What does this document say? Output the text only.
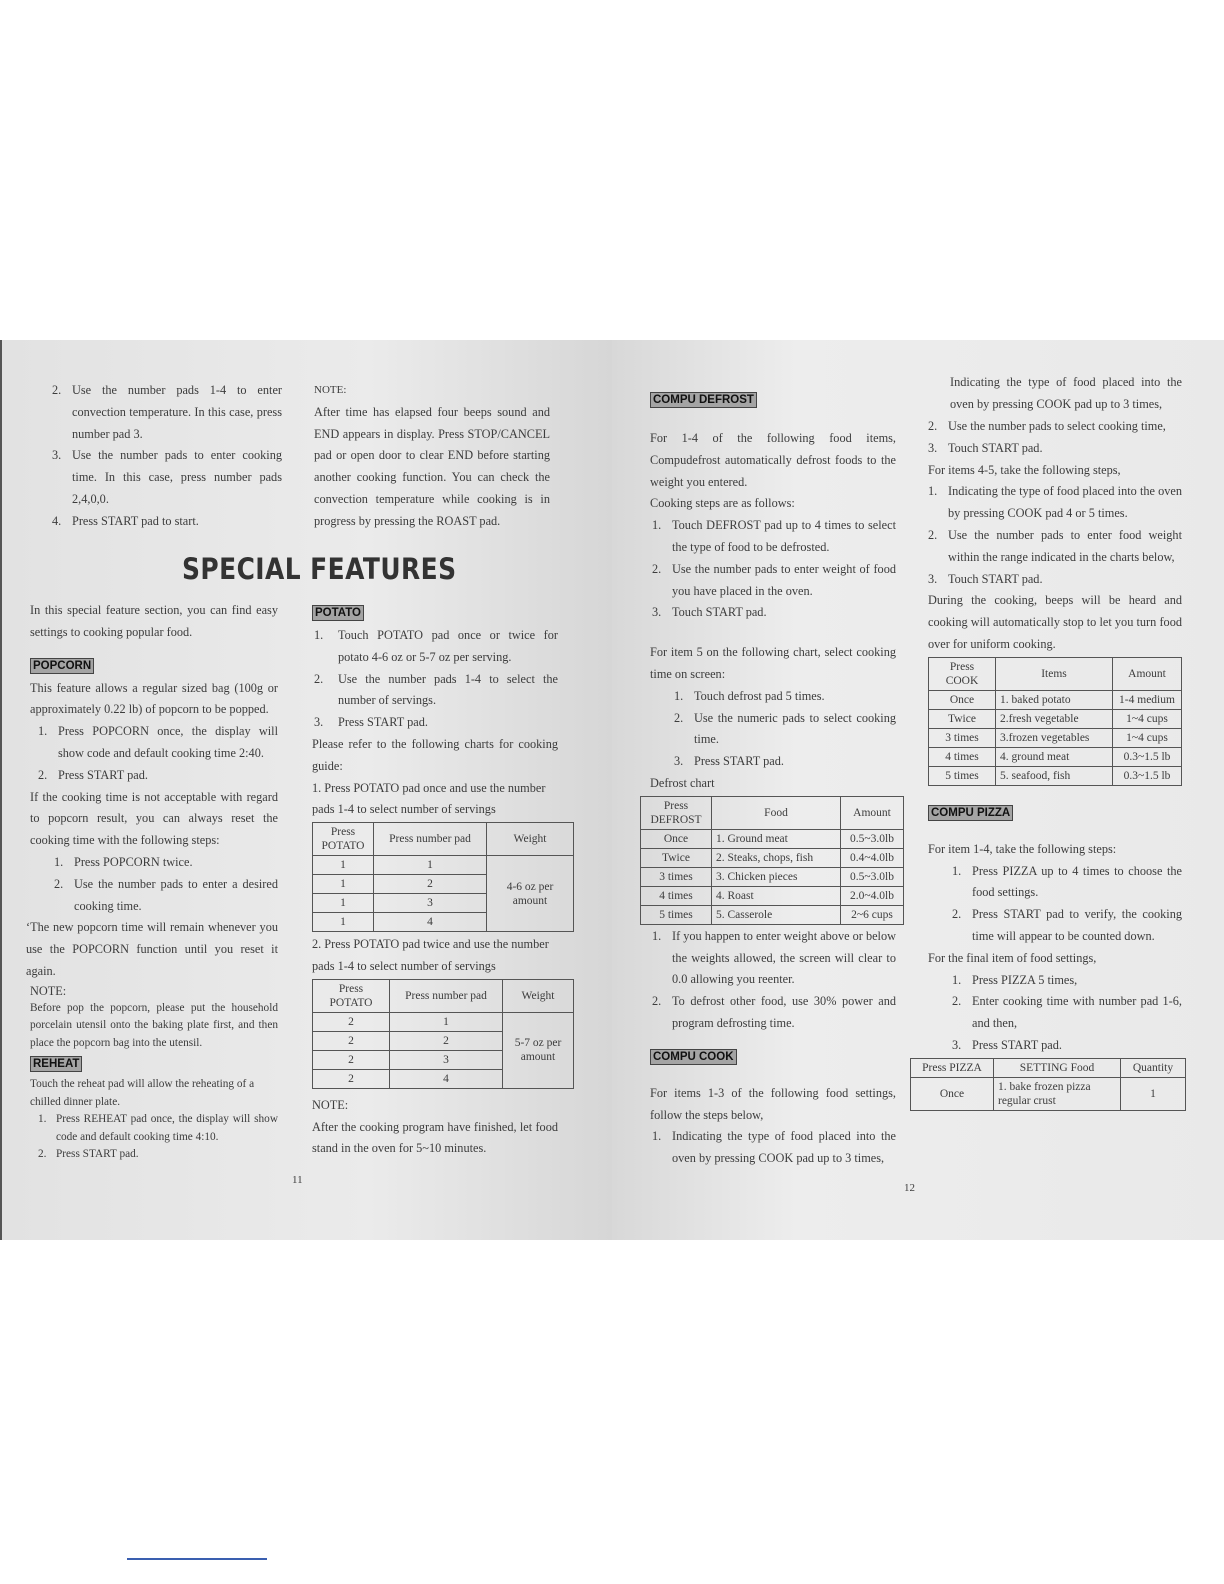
2. Use the number pads 1-4 to enter convection temperature. In this case, press number pad 3.
3. Use the number pads to enter cooking time. In this case, press number pads 2,4,0,0.
4. Press START pad to start.

NOTE:

After time has elapsed four beeps sound and END appears in display. Press STOP/CANCEL pad or open door to clear END before starting another cooking function. You can check the convection temperature while cooking is in progress by pressing the ROAST pad.

SPECIAL FEATURES

In this special feature section, you can find easy settings to cooking popular food.

POPCORN

This feature allows a regular sized bag (100g or approximately 0.22 lb) of popcorn to be popped.

1. Press POPCORN once, the display will show code and default cooking time 2:40.
2. Press START pad.

If the cooking time is not acceptable with regard to popcorn result, you can always reset the cooking time with the following steps:

1. Press POPCORN twice.
2. Use the number pads to enter a desired cooking time.

‘The new popcorn time will remain whenever you use the POPCORN function until you reset it again.

NOTE:

Before pop the popcorn, please put the household porcelain utensil onto the baking plate first, and then place the popcorn bag into the utensil.

REHEAT

Touch the reheat pad will allow the reheating of a chilled dinner plate.

1. Press REHEAT pad once, the display will show code and default cooking time 4:10.
2. Press START pad.
POTATO
1. Touch POTATO pad once or twice for potato 4-6 oz or 5-7 oz per serving.
2. Use the number pads 1-4 to select the number of servings.
3. Press START pad.

Please refer to the following charts for cooking guide:

1. Press POTATO pad once and use the number pads 1-4 to select number of servings

Press POTATO	Press number pad	Weight
1	1	4-6 oz per amount
1	2	
1	3	
1	4	

2. Press POTATO pad twice and use the number pads 1-4 to select number of servings

Press POTATO	Press number pad	Weight
2	1	5-7 oz per amount
2	2	
2	3	
2	4	

NOTE:

After the cooking program have finished, let food stand in the oven for 5~10 minutes.

11
COMPU DEFROST

For 1-4 of the following food items, Compudefrost automatically defrost foods to the weight you entered.

Cooking steps are as follows:

1. Touch DEFROST pad up to 4 times to select the type of food to be defrosted.
2. Use the number pads to enter weight of food you have placed in the oven.
3. Touch START pad.

For item 5 on the following chart, select cooking time on screen:

1. Touch defrost pad 5 times.
2. Use the numeric pads to select cooking time.
3. Press START pad.

Defrost chart

Press DEFROST	Food	Amount
Once	1. Ground meat	0.5~3.0lb
Twice	2. Steaks, chops, fish	0.4~4.0lb
3 times	3. Chicken pieces	0.5~3.0lb
4 times	4. Roast	2.0~4.0lb
5 times	5. Casserole	2~6 cups
1. If you happen to enter weight above or below the weights allowed, the screen will clear to 0.0 allowing you reenter.
2. To defrost other food, use 30% power and program defrosting time.
COMPU COOK

For items 1-3 of the following food settings, follow the steps below,

1. Indicating the type of food placed into the oven by pressing COOK pad up to 3 times,

Indicating the type of food placed into the oven by pressing COOK pad up to 3 times,

2. Use the number pads to select cooking time,
3. Touch START pad.

For items 4-5, take the following steps,

1. Indicating the type of food placed into the oven by pressing COOK pad 4 or 5 times.
2. Use the number pads to enter food weight within the range indicated in the charts below,
3. Touch START pad.

During the cooking, beeps will be heard and cooking will automatically stop to let you turn food over for uniform cooking.

Press COOK	Items	Amount
Once	1. baked potato	1-4 medium
Twice	2.fresh vegetable	1~4 cups
3 times	3.frozen vegetables	1~4 cups
4 times	4. ground meat	0.3~1.5 lb
5 times	5. seafood, fish	0.3~1.5 lb
COMPU PIZZA

For item 1-4, take the following steps:

1. Press PIZZA up to 4 times to choose the food settings.
2. Press START pad to verify, the cooking time will appear to be counted down.

For the final item of food settings,

1. Press PIZZA 5 times,
2. Enter cooking time with number pad 1-6, and then,
3. Press START pad.
Press PIZZA	SETTING Food	Quantity
Once	1. bake frozen pizza regular crust	1
12
